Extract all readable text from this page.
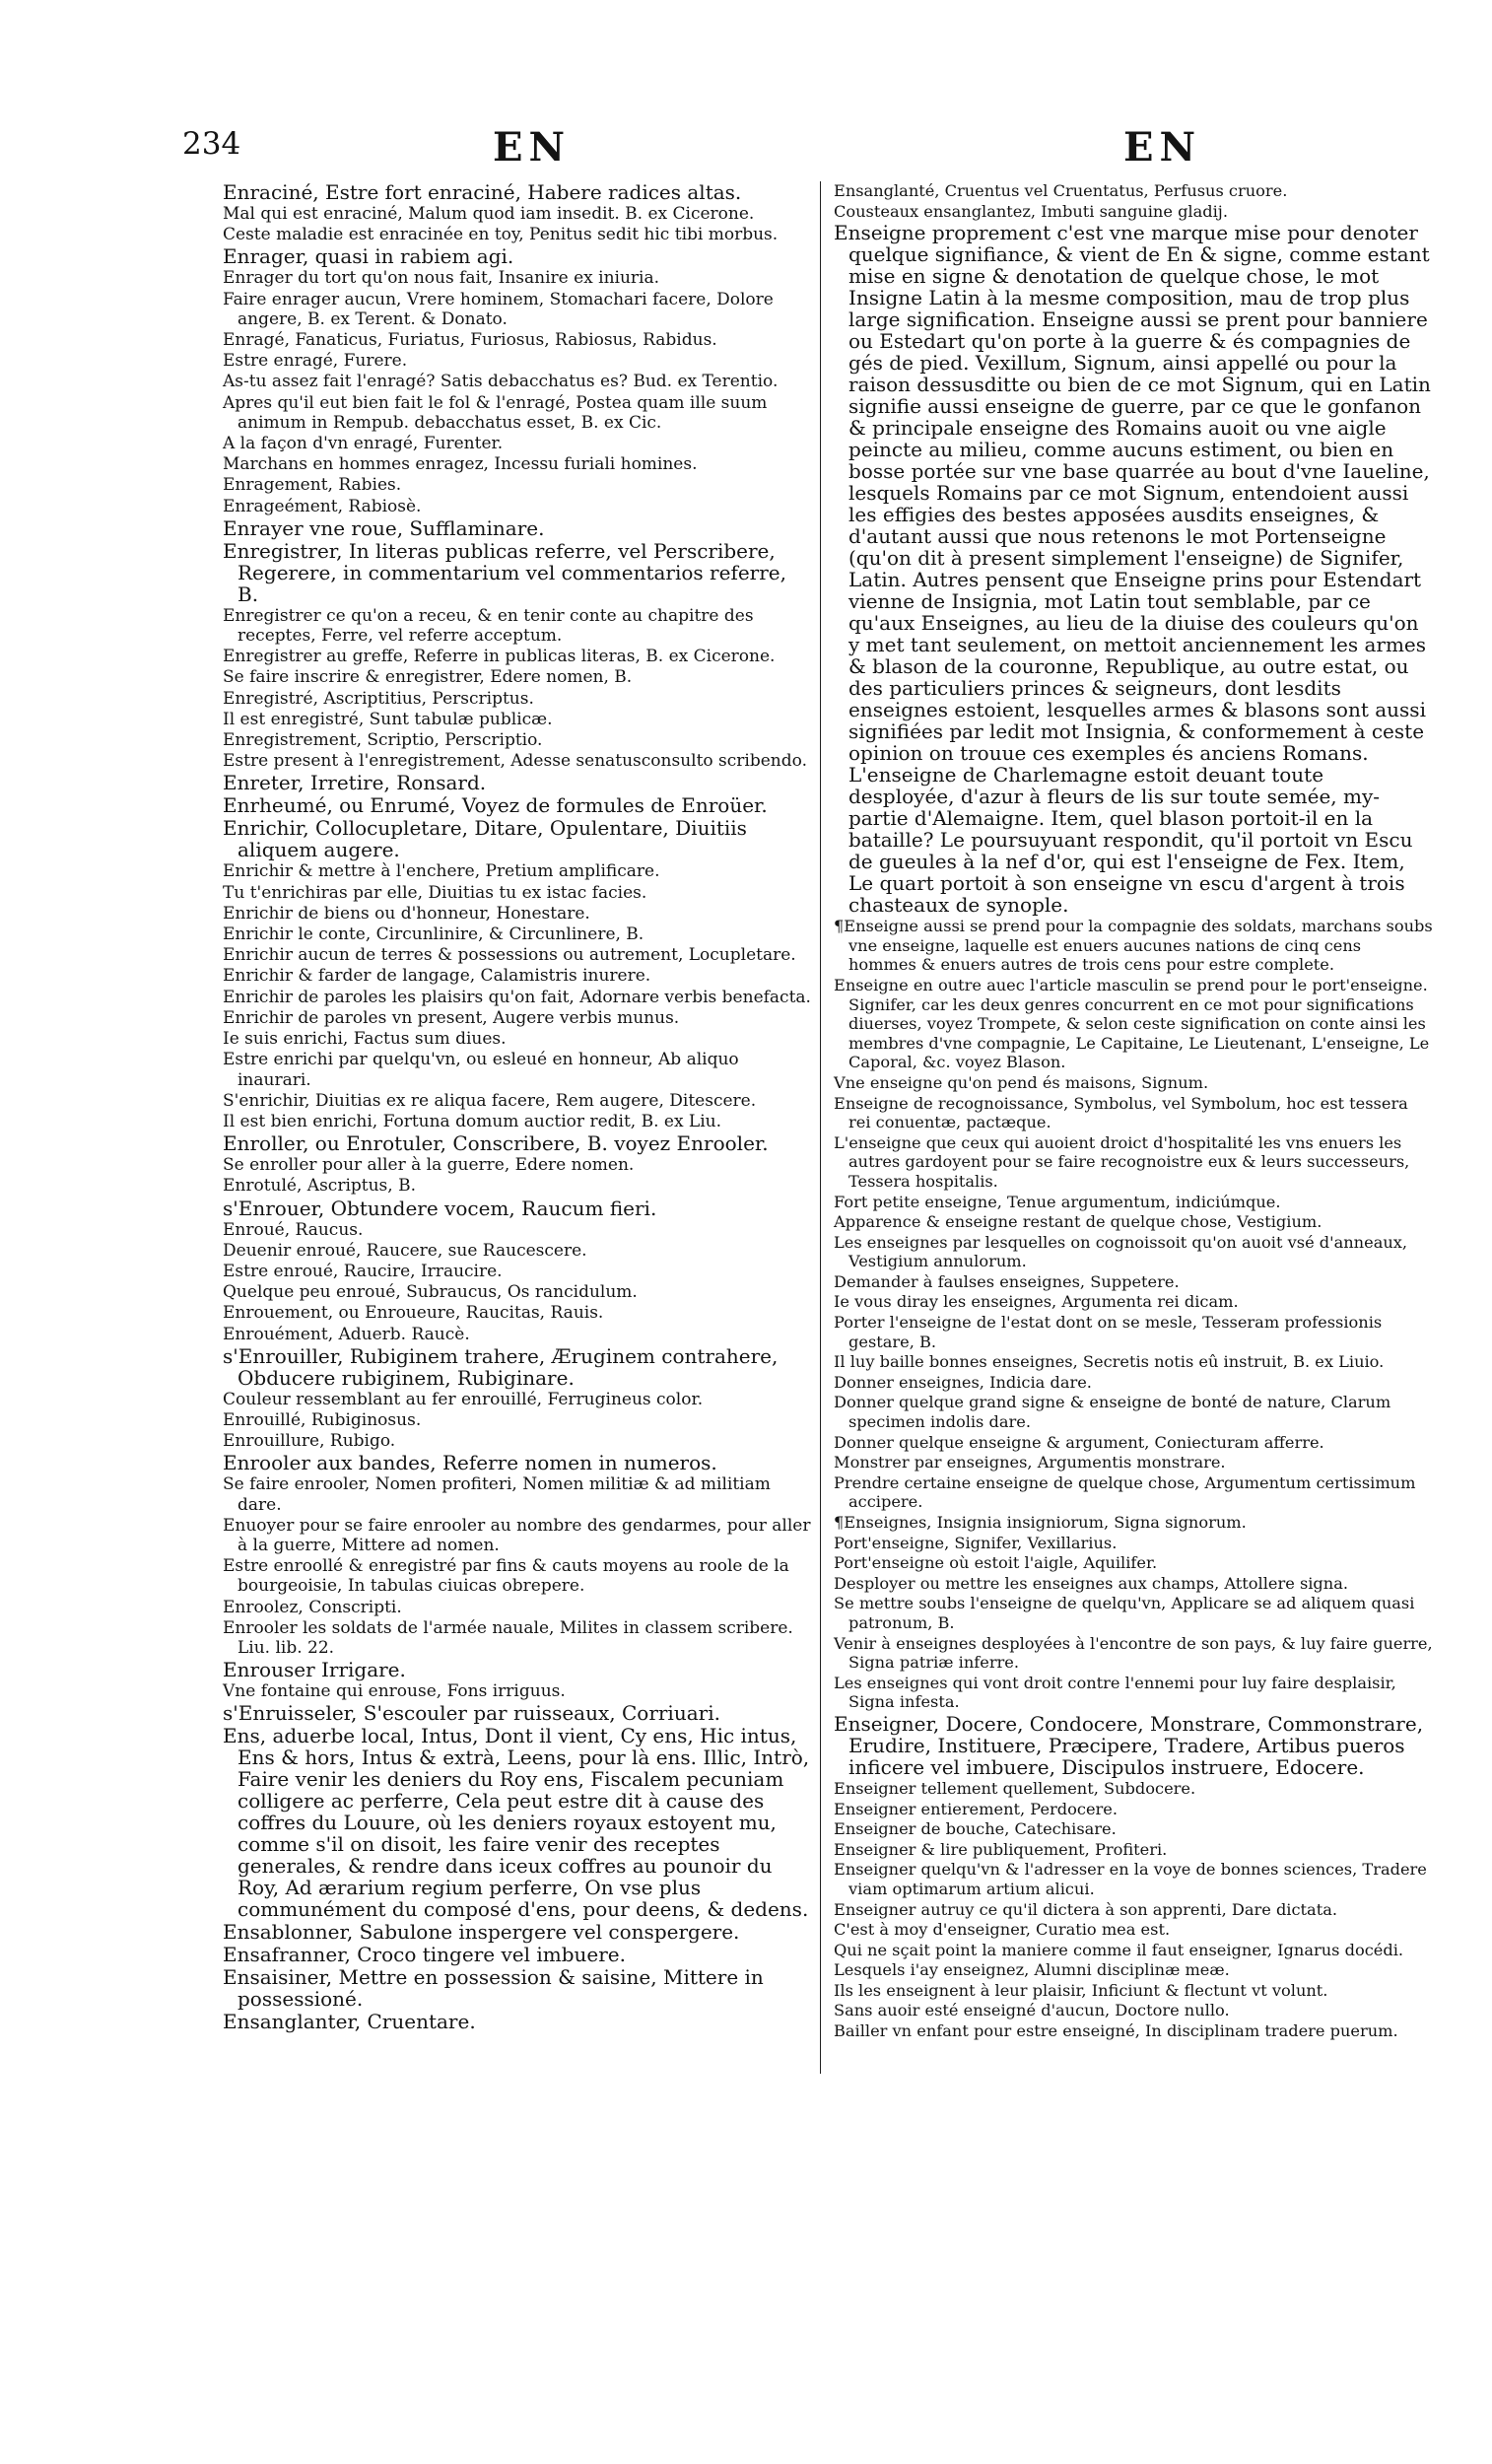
234	EN	EN

Enraciné, Estre fort enraciné, Habere radices altas.

Mal qui est enraciné, Malum quod iam insedit. B. ex Cicerone.

Ceste maladie est enracinée en toy, Penitus sedit hic tibi morbus.

Enrager, quasi in rabiem agi.

Enrager du tort qu'on nous fait, Insanire ex iniuria.

Faire enrager aucun, Vrere hominem, Stomachari facere, Dolore angere, B. ex Terent. & Donato.

Enragé, Fanaticus, Furiatus, Furiosus, Rabiosus, Rabidus.

Estre enragé, Furere.

As-tu assez fait l'enragé? Satis debacchatus es? Bud. ex Terentio.

Apres qu'il eut bien fait le fol & l'enragé, Postea quam ille suum animum in Rempub. debacchatus esset, B. ex Cic.

A la façon d'vn enragé, Furenter.

Marchans en hommes enragez, Incessu furiali homines.

Enragement, Rabies.

Enrageément, Rabiosè.

Enrayer vne roue, Sufflaminare.

Enregistrer, In literas publicas referre, vel Perscribere, Regerere, in commentarium vel commentarios referre, B.

Enregistrer ce qu'on a receu, & en tenir conte au chapitre des receptes, Ferre, vel referre acceptum.

Enregistrer au greffe, Referre in publicas literas, B. ex Cicerone.

Se faire inscrire & enregistrer, Edere nomen, B.

Enregistré, Ascriptitius, Perscriptus.

Il est enregistré, Sunt tabulæ publicæ.

Enregistrement, Scriptio, Perscriptio.

Estre present à l'enregistrement, Adesse senatusconsulto scribendo.

Enreter, Irretire, Ronsard.

Enrheumé, ou Enrumé, Voyez de formules de Enroüer.

Enrichir, Collocupletare, Ditare, Opulentare, Diuitiis aliquem augere.

Enrichir & mettre à l'enchere, Pretium amplificare.

Tu t'enrichiras par elle, Diuitias tu ex istac facies.

Enrichir de biens ou d'honneur, Honestare.

Enrichir le conte, Circunlinire, & Circunlinere, B.

Enrichir aucun de terres & possessions ou autrement, Locupletare.

Enrichir & farder de langage, Calamistris inurere.

Enrichir de paroles les plaisirs qu'on fait, Adornare verbis benefacta.

Enrichir de paroles vn present, Augere verbis munus.

Ie suis enrichi, Factus sum diues.

Estre enrichi par quelqu'vn, ou esleué en honneur, Ab aliquo inaurari.

S'enrichir, Diuitias ex re aliqua facere, Rem augere, Ditescere.

Il est bien enrichi, Fortuna domum auctior redit, B. ex Liu.

Enroller, ou Enrotuler, Conscribere, B. voyez Enrooler.

Se enroller pour aller à la guerre, Edere nomen.

Enrotulé, Ascriptus, B.

s'Enrouer, Obtundere vocem, Raucum fieri.

Enroué, Raucus.

Deuenir enroué, Raucere, sue Raucescere.

Estre enroué, Raucire, Irraucire.

Quelque peu enroué, Subraucus, Os rancidulum.

Enrouement, ou Enroueure, Raucitas, Rauis.

Enrouément, Aduerb. Raucè.

s'Enrouiller, Rubiginem trahere, Æruginem contrahere, Obducere rubiginem, Rubiginare.

Couleur ressemblant au fer enrouillé, Ferrugineus color.

Enrouillé, Rubiginosus.

Enrouillure, Rubigo.

Enrooler aux bandes, Referre nomen in numeros.

Se faire enrooler, Nomen profiteri, Nomen militiæ & ad militiam dare.

Enuoyer pour se faire enrooler au nombre des gendarmes, pour aller à la guerre, Mittere ad nomen.

Estre enroollé & enregistré par fins & cauts moyens au roole de la bourgeoisie, In tabulas ciuicas obrepere.

Enroolez, Conscripti.

Enrooler les soldats de l'armée nauale, Milites in classem scribere. Liu. lib. 22.

Enrouser Irrigare.

Vne fontaine qui enrouse, Fons irriguus.

s'Enruisseler, S'escouler par ruisseaux, Corriuari.

Ens, aduerbe local, Intus, Dont il vient, Cy ens, Hic intus, Ens & hors, Intus & extrà, Leens, pour là ens. Illic, Intrò, Faire venir les deniers du Roy ens, Fiscalem pecuniam colligere ac perferre, Cela peut estre dit à cause des coffres du Louure, où les deniers royaux estoyent mu, comme s'il on disoit, les faire venir des receptes generales, & rendre dans iceux coffres au pounoir du Roy, Ad ærarium regium perferre, On vse plus communément du composé d'ens, pour deens, & dedens.

Ensablonner, Sabulone inspergere vel conspergere.

Ensafranner, Croco tingere vel imbuere.

Ensaisiner, Mettre en possession & saisine, Mittere in possessioné.

Ensanglanter, Cruentare.

Ensanglanté, Cruentus vel Cruentatus, Perfusus cruore.

Cousteaux ensanglantez, Imbuti sanguine gladij.

Enseigne proprement c'est vne marque mise pour denoter quelque signifiance, & vient de En & signe, comme estant mise en signe & denotation de quelque chose, le mot Insigne Latin à la mesme composition, mau de trop plus large signification. Enseigne aussi se prent pour banniere ou Estedart qu'on porte à la guerre & és compagnies de gés de pied. Vexillum, Signum, ainsi appellé ou pour la raison dessusditte ou bien de ce mot Signum, qui en Latin signifie aussi enseigne de guerre, par ce que le gonfanon & principale enseigne des Romains auoit ou vne aigle peincte au milieu, comme aucuns estiment, ou bien en bosse portée sur vne base quarrée au bout d'vne Iaueline, lesquels Romains par ce mot Signum, entendoient aussi les effigies des bestes apposées ausdits enseignes, & d'autant aussi que nous retenons le mot Portenseigne (qu'on dit à present simplement l'enseigne) de Signifer, Latin. Autres pensent que Enseigne prins pour Estendart vienne de Insignia, mot Latin tout semblable, par ce qu'aux Enseignes, au lieu de la diuise des couleurs qu'on y met tant seulement, on mettoit anciennement les armes & blason de la couronne, Republique, au outre estat, ou des particuliers princes & seigneurs, dont lesdits enseignes estoient, lesquelles armes & blasons sont aussi signifiées par ledit mot Insignia, & conformement à ceste opinion on trouue ces exemples és anciens Romans. L'enseigne de Charlemagne estoit deuant toute desployée, d'azur à fleurs de lis sur toute semée, my-partie d'Alemaigne. Item, quel blason portoit-il en la bataille? Le poursuyuant respondit, qu'il portoit vn Escu de gueules à la nef d'or, qui est l'enseigne de Fex. Item, Le quart portoit à son enseigne vn escu d'argent à trois chasteaux de synople.

¶Enseigne aussi se prend pour la compagnie des soldats, marchans soubs vne enseigne, laquelle est enuers aucunes nations de cinq cens hommes & enuers autres de trois cens pour estre complete.

Enseigne en outre auec l'article masculin se prend pour le port'enseigne. Signifer, car les deux genres concurrent en ce mot pour significations diuerses, voyez Trompete, & selon ceste signification on conte ainsi les membres d'vne compagnie, Le Capitaine, Le Lieutenant, L'enseigne, Le Caporal, &c. voyez Blason.

Vne enseigne qu'on pend és maisons, Signum.

Enseigne de recognoissance, Symbolus, vel Symbolum, hoc est tessera rei conuentæ, pactæque.

L'enseigne que ceux qui auoient droict d'hospitalité les vns enuers les autres gardoyent pour se faire recognoistre eux & leurs successeurs, Tessera hospitalis.

Fort petite enseigne, Tenue argumentum, indiciúmque.

Apparence & enseigne restant de quelque chose, Vestigium.

Les enseignes par lesquelles on cognoissoit qu'on auoit vsé d'anneaux, Vestigium annulorum.

Demander à faulses enseignes, Suppetere.

Ie vous diray les enseignes, Argumenta rei dicam.

Porter l'enseigne de l'estat dont on se mesle, Tesseram professionis gestare, B.

Il luy baille bonnes enseignes, Secretis notis eû instruit, B. ex Liuio.

Donner enseignes, Indicia dare.

Donner quelque grand signe & enseigne de bonté de nature, Clarum specimen indolis dare.

Donner quelque enseigne & argument, Coniecturam afferre.

Monstrer par enseignes, Argumentis monstrare.

Prendre certaine enseigne de quelque chose, Argumentum certissimum accipere.

¶Enseignes, Insignia insigniorum, Signa signorum.

Port'enseigne, Signifer, Vexillarius.

Port'enseigne où estoit l'aigle, Aquilifer.

Desployer ou mettre les enseignes aux champs, Attollere signa.

Se mettre soubs l'enseigne de quelqu'vn, Applicare se ad aliquem quasi patronum, B.

Venir à enseignes desployées à l'encontre de son pays, & luy faire guerre, Signa patriæ inferre.

Les enseignes qui vont droit contre l'ennemi pour luy faire desplaisir, Signa infesta.

Enseigner, Docere, Condocere, Monstrare, Commonstrare, Erudire, Instituere, Præcipere, Tradere, Artibus pueros inficere vel imbuere, Discipulos instruere, Edocere.

Enseigner tellement quellement, Subdocere.

Enseigner entierement, Perdocere.

Enseigner de bouche, Catechisare.

Enseigner & lire publiquement, Profiteri.

Enseigner quelqu'vn & l'adresser en la voye de bonnes sciences, Tradere viam optimarum artium alicui.

Enseigner autruy ce qu'il dictera à son apprenti, Dare dictata.

C'est à moy d'enseigner, Curatio mea est.

Qui ne sçait point la maniere comme il faut enseigner, Ignarus docédi.

Lesquels i'ay enseignez, Alumni disciplinæ meæ.

Ils les enseignent à leur plaisir, Inficiunt & flectunt vt volunt.

Sans auoir esté enseigné d'aucun, Doctore nullo.

Bailler vn enfant pour estre enseigné, In disciplinam tradere puerum.
